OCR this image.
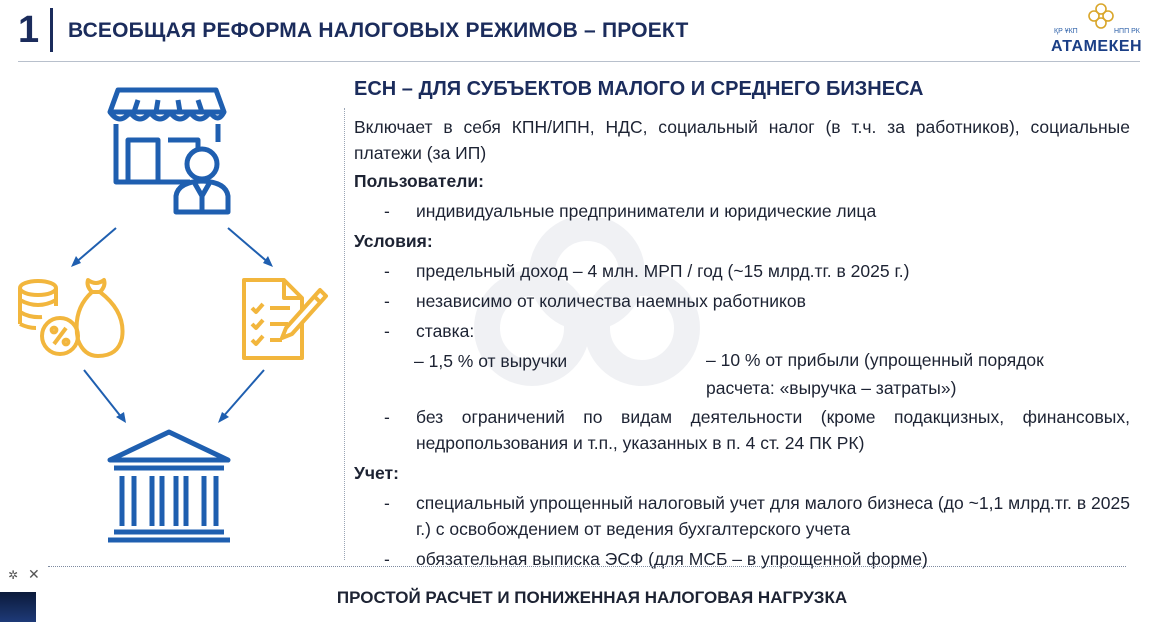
1 ВСЕОБЩАЯ РЕФОРМА НАЛОГОВЫХ РЕЖИМОВ – ПРОЕКТ	ҚР ҰКП	НПП РК
АТАМЕКЕН
ЕСН – ДЛЯ СУБЪЕКТОВ МАЛОГО И СРЕДНЕГО БИЗНЕСА
Включает в себя КПН/ИПН, НДС, социальный налог (в т.ч. за работников), социальные платежи (за ИП)
Пользователи:
-	индивидуальные предприниматели и юридические лица
Условия:
-	предельный доход – 4 млн. МРП / год (~15 млрд.тг. в 2025 г.)
-	независимо от количества наемных работников
-	ставка:
– 1,5 % от выручки	– 10 % от прибыли (упрощенный порядок расчета: «выручка – затраты»)
-	без ограничений по видам деятельности (кроме подакцизных, финансовых, недропользования и т.п., указанных в п. 4 ст. 24 ПК РК)
Учет:
-	специальный упрощенный налоговый учет для малого бизнеса (до ~1,1 млрд.тг. в 2025 г.) с освобождением от ведения бухгалтерского учета
-	обязательная выписка ЭСФ (для МСБ – в упрощенной форме)
ПРОСТОЙ РАСЧЕТ И ПОНИЖЕННАЯ НАЛОГОВАЯ НАГРУЗКА
✲ ✕
